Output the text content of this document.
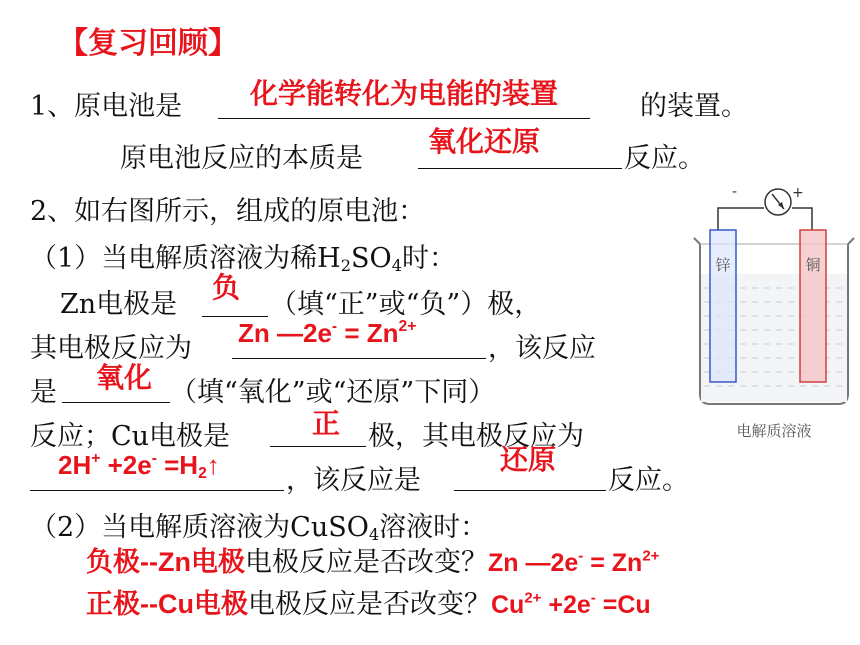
【复习回顾】
1、原电池是 化学能转化为电能的装置	的装置。
原电池反应的本质是
氧化还原
反应。
2、如右图所示，组成的原电池：
（1）当电解质溶液为稀$H_2SO_4$时：
Zn电极是
负
（填“正”或“负”）极，
其电极反应为 Zn —2e- = $Zn^{2+}$
，该反应
是 氧化 （填“氧化”或“还原”下同）
反应；Cu电极是	正 极，其电极反应为
$2H^+ +2e^- =H_2↑$ ，该反应是
还原
反应。
（2）当电解质溶液为CuSO$_4$溶液时：
负极--Zn电极电极反应是否改变？Zn —2e- = $Zn^{2+}$
正极--Cu电极电极反应是否改变？$Cu^{2+} +2e^- =Cu$
-	+
锌	铜
电解质溶液
